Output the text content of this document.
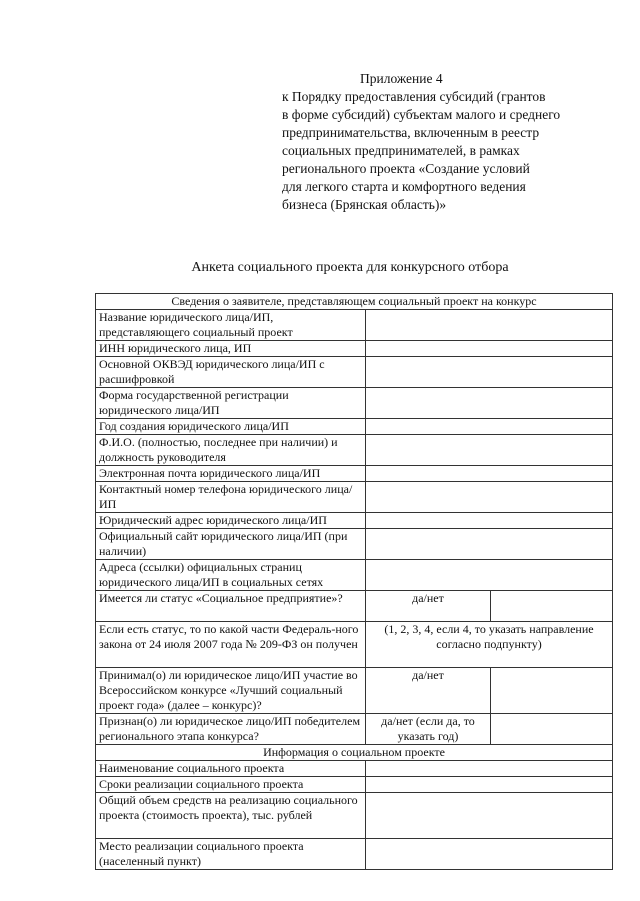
Приложение 4
к Порядку предоставления субсидий (грантов
в форме субсидий) субъектам малого и среднего
предпринимательства, включенным в реестр
социальных предпринимателей, в рамках
регионального проекта «Создание условий
для легкого старта и комфортного ведения
бизнеса (Брянская область)»
Анкета социального проекта для конкурсного отбора
Сведения о заявителе, представляющем социальный проект на конкурс		
Название юридического лица/ИП, представляющего социальный проект		
ИНН юридического лица, ИП		
Основной ОКВЭД юридического лица/ИП с расшифровкой		
Форма государственной регистрации юридического лица/ИП		
Год создания юридического лица/ИП		
Ф.И.О. (полностью, последнее при наличии) и должность руководителя		
Электронная почта юридического лица/ИП		
Контактный номер телефона юридического лица/ИП		
Юридический адрес юридического лица/ИП		
Официальный сайт юридического лица/ИП (при наличии)		
Адреса (ссылки) официальных страниц юридического лица/ИП в социальных сетях		
Имеется ли статус «Социальное предприятие»?	да/нет	
Если есть статус, то по какой части Федераль-ного закона от 24 июля 2007 года № 209-ФЗ он получен	(1, 2, 3, 4, если 4, то указать направление согласно подпункту)	
Принимал(о) ли юридическое лицо/ИП участие во Всероссийском конкурсе «Лучший социальный проект года» (далее – конкурс)?	да/нет	
Признан(о) ли юридическое лицо/ИП победителем регионального этапа конкурса?	да/нет (если да, то указать год)	
Информация о социальном проекте		
Наименование социального проекта		
Сроки реализации социального проекта		
Общий объем средств на реализацию социального проекта (стоимость проекта), тыс. рублей		
Место реализации социального проекта (населенный пункт)		
